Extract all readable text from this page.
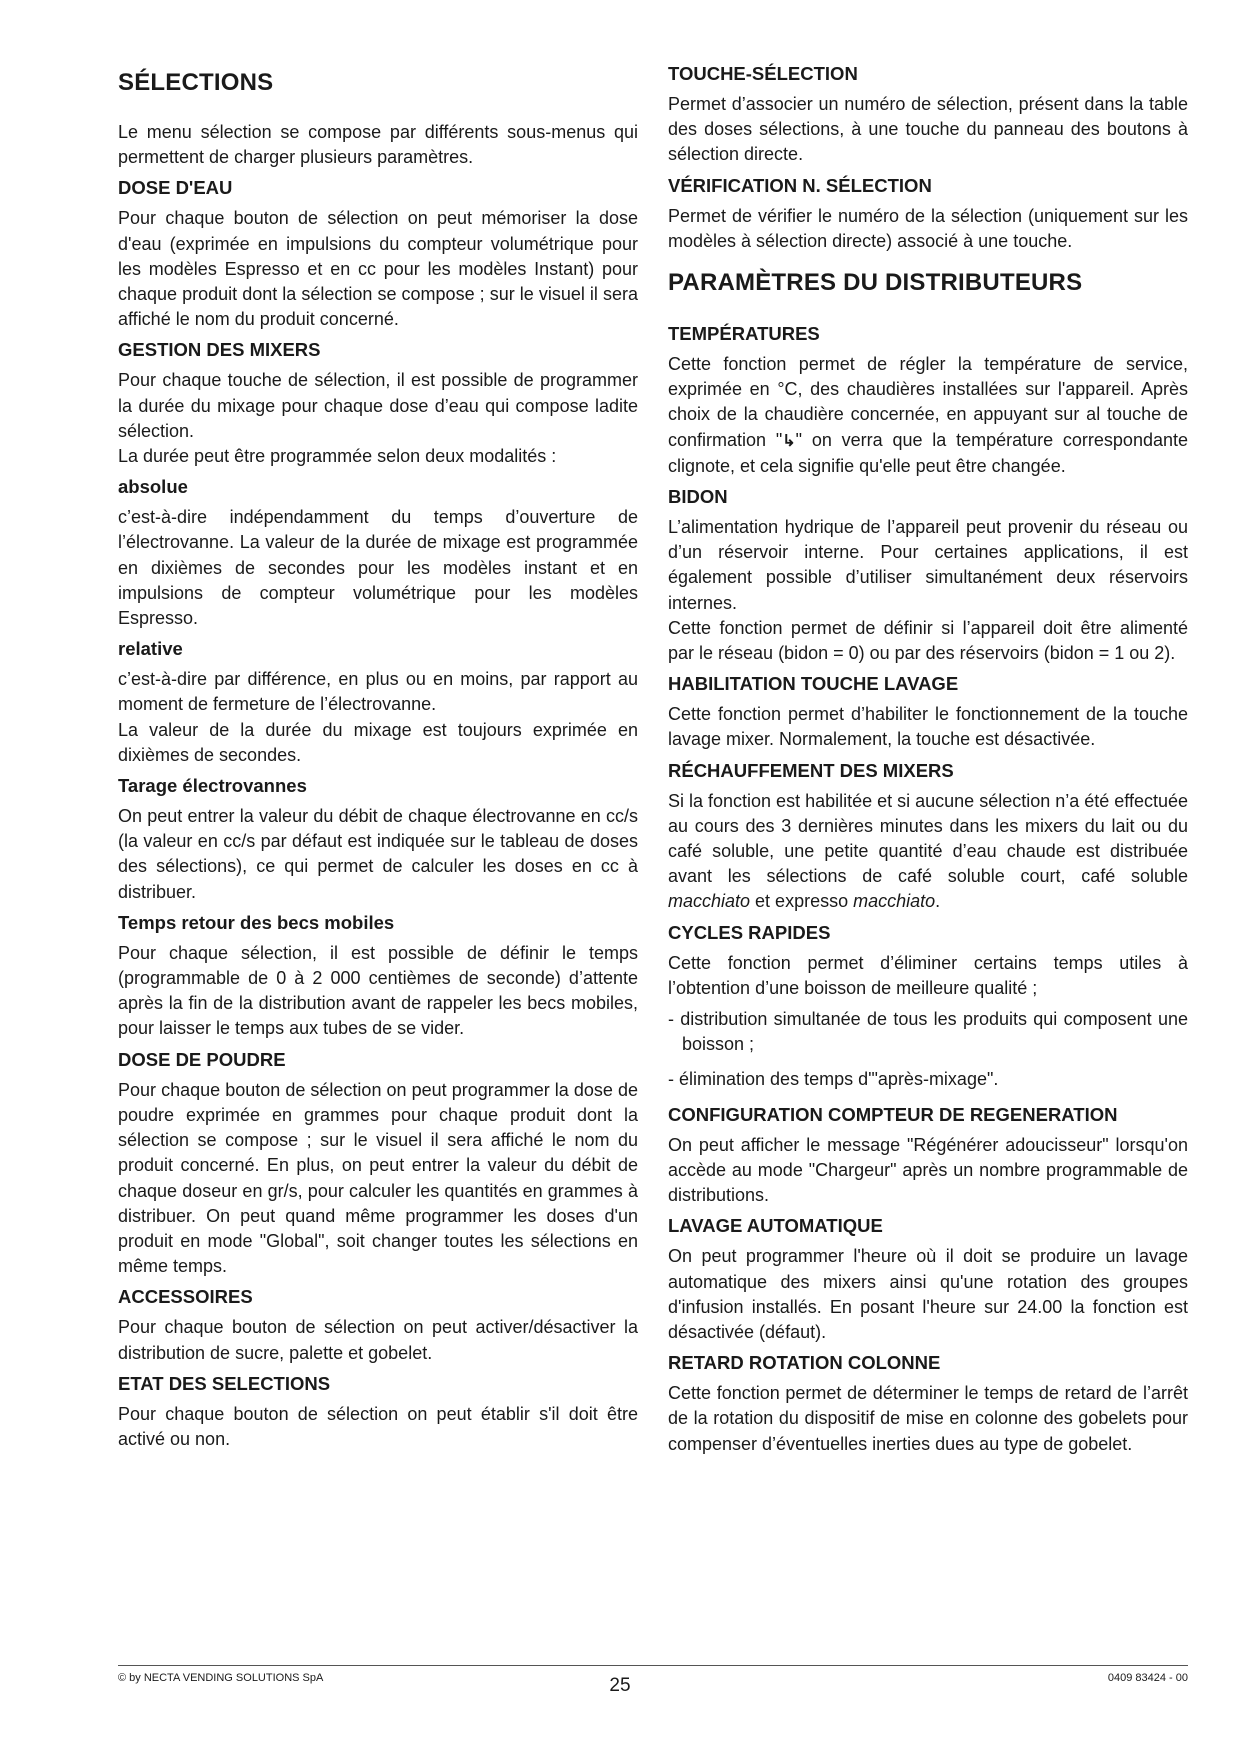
SÉLECTIONS

Le menu sélection se compose par différents sous-menus qui permettent de charger plusieurs paramètres.

DOSE D'EAU

Pour chaque bouton de sélection on peut mémoriser la dose d'eau (exprimée en impulsions du compteur volumétrique pour les modèles Espresso et en cc pour les modèles Instant) pour chaque produit dont la sélection se compose ; sur le visuel il sera affiché le nom du produit concerné.

GESTION DES MIXERS

Pour chaque touche de sélection, il est possible de programmer la durée du mixage pour chaque dose d’eau qui compose ladite sélection.

La durée peut être programmée selon deux modalités :

absolue

c’est-à-dire indépendamment du temps d’ouverture de l’électrovanne. La valeur de la durée de mixage est programmée en dixièmes de secondes pour les modèles instant et en impulsions de compteur volumétrique pour les modèles Espresso.

relative

c’est-à-dire par différence, en plus ou en moins, par rapport au moment de fermeture de l’électrovanne.

La valeur de la durée du mixage est toujours exprimée en dixièmes de secondes.

Tarage électrovannes

On peut entrer la valeur du débit de chaque électrovanne en cc/s (la valeur en cc/s par défaut est indiquée sur le tableau de doses des sélections), ce qui permet de calculer les doses en cc à distribuer.

Temps retour des becs mobiles

Pour chaque sélection, il est possible de définir le temps (programmable de 0 à 2 000 centièmes de seconde) d’attente après la fin de la distribution avant de rappeler les becs mobiles, pour laisser le temps aux tubes de se vider.

DOSE DE POUDRE

Pour chaque bouton de sélection on peut programmer la dose de poudre exprimée en grammes pour chaque produit dont la sélection se compose ; sur le visuel il sera affiché le nom du produit concerné. En plus, on peut entrer la valeur du débit de chaque doseur en gr/s, pour calculer les quantités en grammes à distribuer. On peut quand même programmer les doses d'un produit en mode "Global", soit changer toutes les sélections en même temps.

ACCESSOIRES

Pour chaque bouton de sélection on peut activer/désactiver la distribution de sucre, palette et gobelet.

ETAT DES SELECTIONS

Pour chaque bouton de sélection on peut établir s'il doit être activé ou non.

TOUCHE-SÉLECTION

Permet d’associer un numéro de sélection, présent dans la table des doses sélections, à une touche du panneau des boutons à sélection directe.

VÉRIFICATION N. SÉLECTION

Permet de vérifier le numéro de la sélection (uniquement sur les modèles à sélection directe) associé à une touche.

PARAMÈTRES DU DISTRIBUTEURS
TEMPÉRATURES

Cette fonction permet de régler la température de service, exprimée en °C, des chaudières installées sur l'appareil. Après choix de la chaudière concernée, en appuyant sur al touche de confirmation "↳" on verra que la température correspondante clignote, et cela signifie qu'elle peut être changée.

BIDON

L’alimentation hydrique de l’appareil peut provenir du réseau ou d’un réservoir interne. Pour certaines applications, il est également possible d’utiliser simultanément deux réservoirs internes.

Cette fonction permet de définir si l’appareil doit être alimenté par le réseau (bidon = 0) ou par des réservoirs (bidon = 1 ou 2).

HABILITATION TOUCHE LAVAGE

Cette fonction permet d’habiliter le fonctionnement de la touche lavage mixer. Normalement, la touche est désactivée.

RÉCHAUFFEMENT DES MIXERS

Si la fonction est habilitée et si aucune sélection n’a été effectuée au cours des 3 dernières minutes dans les mixers du lait ou du café soluble, une petite quantité d’eau chaude est distribuée avant les sélections de café soluble court, café soluble macchiato et expresso macchiato.

CYCLES RAPIDES

Cette fonction permet d’éliminer certains temps utiles à l’obtention d’une boisson de meilleure qualité ;

- distribution simultanée de tous les produits qui composent une boisson ;
- élimination des temps d'"après-mixage".
CONFIGURATION COMPTEUR DE REGENERATION

On peut afficher le message "Régénérer adoucisseur" lorsqu'on accède au mode "Chargeur" après un nombre programmable de distributions.

LAVAGE AUTOMATIQUE

On peut programmer l'heure où il doit se produire un lavage automatique des mixers ainsi qu'une rotation des groupes d'infusion installés. En posant l'heure sur 24.00 la fonction est désactivée (défaut).

RETARD ROTATION COLONNE

Cette fonction permet de déterminer le temps de retard de l’arrêt de la rotation du dispositif de mise en colonne des gobelets pour compenser d’éventuelles inerties dues au type de gobelet.

© by NECTA VENDING SOLUTIONS SpA	25	0409 83424 - 00
